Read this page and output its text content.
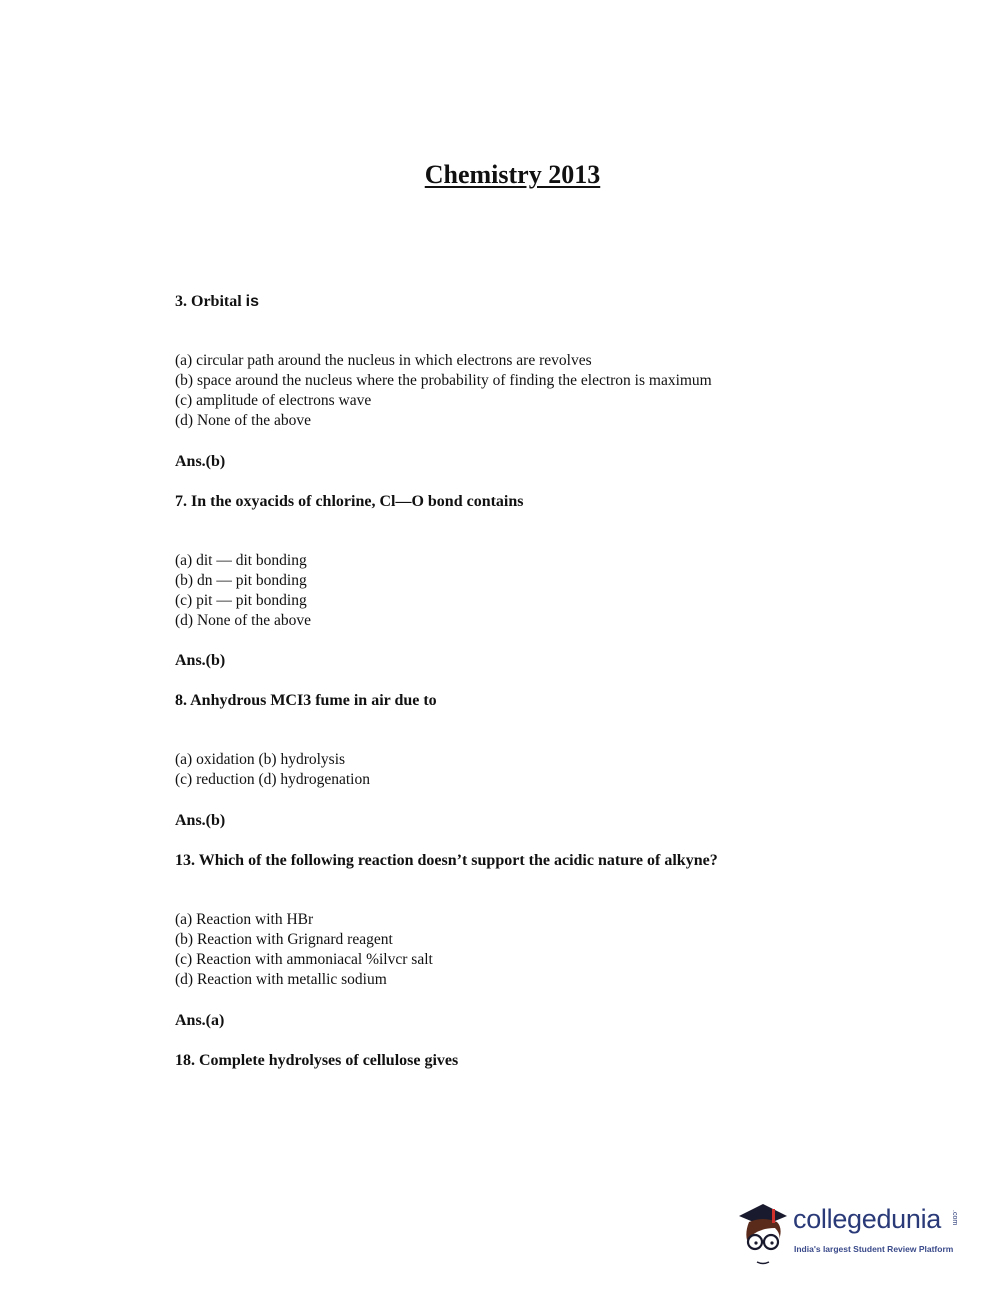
Chemistry 2013
3. Orbital is
(a) circular path around the nucleus in which electrons are revolves
(b) space around the nucleus where the probability of finding the electron is maximum
(c) amplitude of electrons wave
(d) None of the above
Ans.(b)
7. In the oxyacids of chlorine, Cl—O bond contains
(a) dit — dit bonding
(b) dn — pit bonding
(c) pit — pit bonding
(d) None of the above
Ans.(b)
8. Anhydrous MCI3 fume in air due to
(a) oxidation (b) hydrolysis
(c) reduction (d) hydrogenation
Ans.(b)
13. Which of the following reaction doesn’t support the acidic nature of alkyne?
(a) Reaction with HBr
(b) Reaction with Grignard reagent
(c) Reaction with ammoniacal %ilvcr salt
(d) Reaction with metallic sodium
Ans.(a)
18. Complete hydrolyses of cellulose gives
collegedunia .com
India's largest Student Review Platform
